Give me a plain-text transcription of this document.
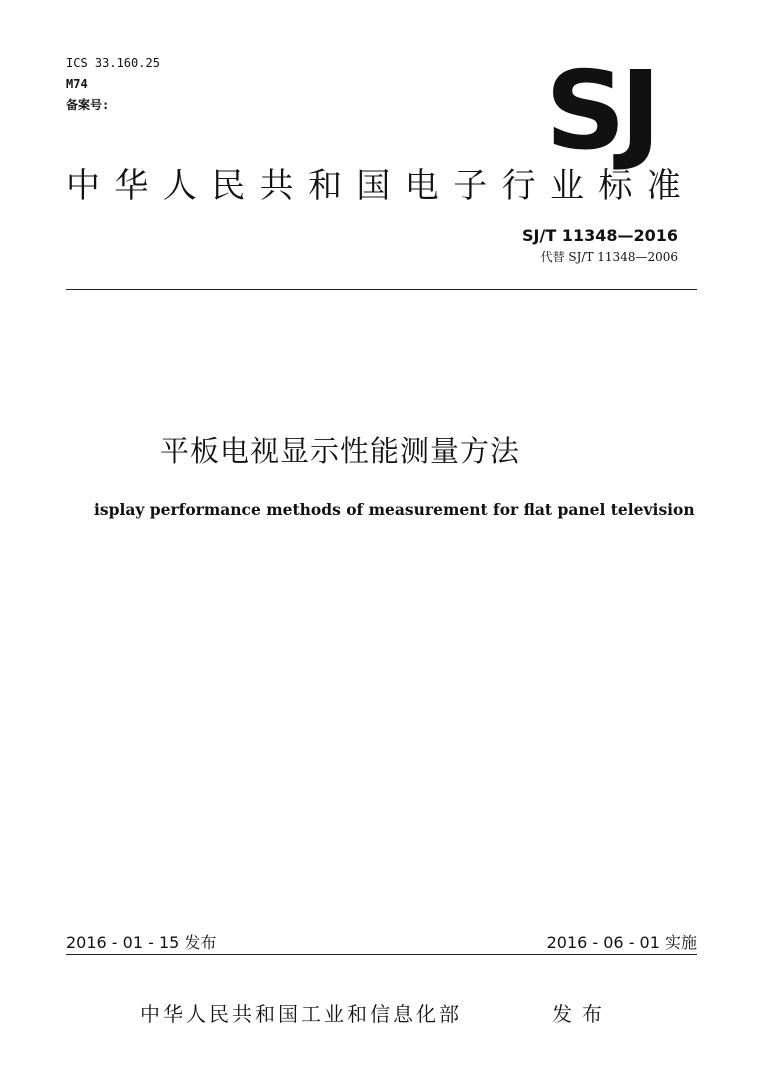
ICS 33.160.25
M74
备案号:	SJ
中华人民共和国电子行业标准
SJ/T 11348—2016
代替 SJ/T 11348—2006
平板电视显示性能测量方法
isplay performance methods of measurement for flat panel television
2016 - 01 - 15 发布	2016 - 06 - 01 实施
中华人民共和国工业和信息化部	发布
